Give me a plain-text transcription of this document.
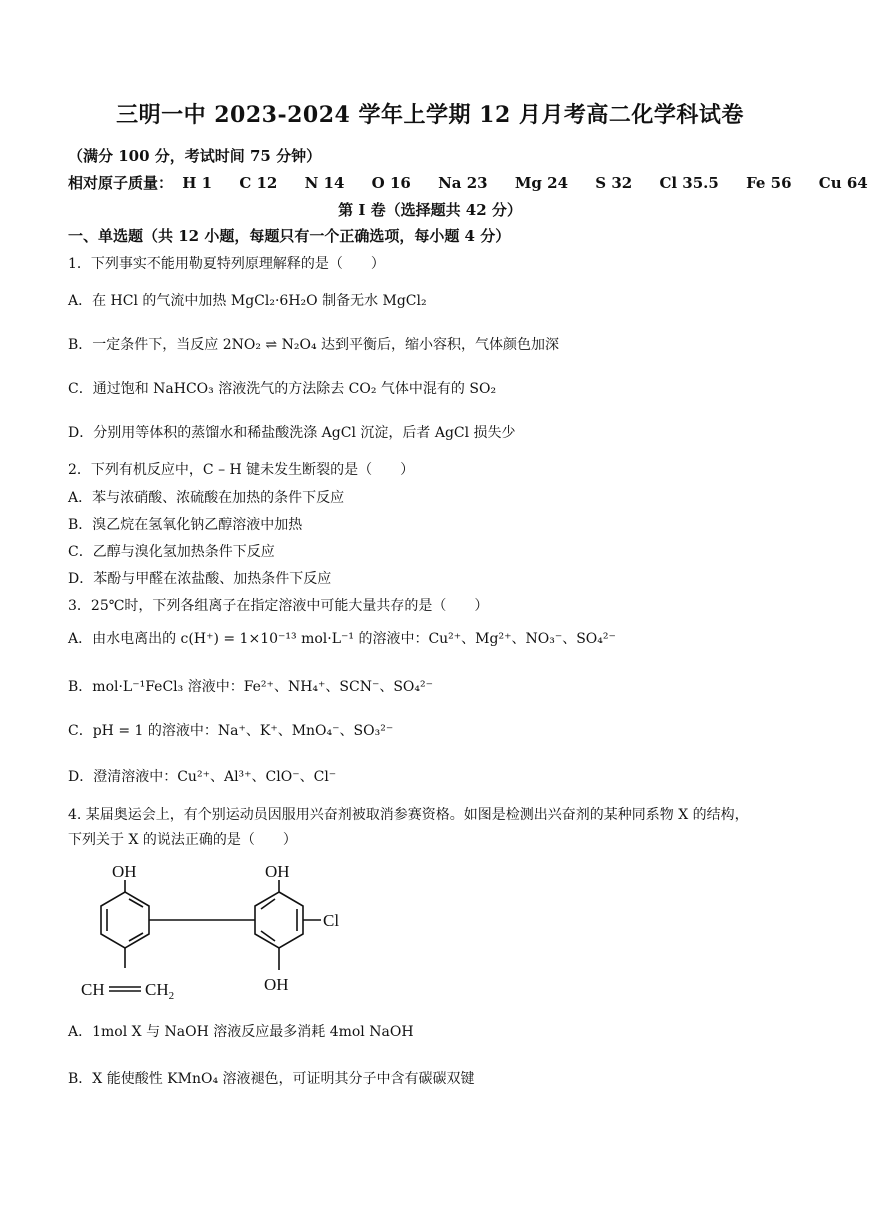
三明一中 2023-2024 学年上学期 12 月月考高二化学科试卷
（满分 100 分，考试时间 75 分钟）
相对原子质量： H 1 C 12 N 14 O 16 Na 23 Mg 24 S 32 Cl 35.5 Fe 56 Cu 64
第 I 卷（选择题共 42 分）
一、单选题（共 12 小题，每题只有一个正确选项，每小题 4 分）
1．下列事实不能用勒夏特列原理解释的是（　　）
A．在 HCl 的气流中加热 MgCl₂·6H₂O 制备无水 MgCl₂
B．一定条件下，当反应 2NO₂ ⇌ N₂O₄ 达到平衡后，缩小容积，气体颜色加深
C．通过饱和 NaHCO₃ 溶液洗气的方法除去 CO₂ 气体中混有的 SO₂
D．分别用等体积的蒸馏水和稀盐酸洗涤 AgCl 沉淀，后者 AgCl 损失少
2．下列有机反应中，C – H 键未发生断裂的是（　　）
A．苯与浓硝酸、浓硫酸在加热的条件下反应
B．溴乙烷在氢氧化钠乙醇溶液中加热
C．乙醇与溴化氢加热条件下反应
D．苯酚与甲醛在浓盐酸、加热条件下反应
3．25℃时，下列各组离子在指定溶液中可能大量共存的是（　　）
A．由水电离出的 c(H⁺) = 1×10⁻¹³ mol·L⁻¹ 的溶液中：Cu²⁺、Mg²⁺、NO₃⁻、SO₄²⁻
B．mol·L⁻¹FeCl₃ 溶液中：Fe²⁺、NH₄⁺、SCN⁻、SO₄²⁻
C．pH = 1 的溶液中：Na⁺、K⁺、MnO₄⁻、SO₃²⁻
D．澄清溶液中：Cu²⁺、Al³⁺、ClO⁻、Cl⁻
4. 某届奥运会上，有个别运动员因服用兴奋剂被取消参赛资格。如图是检测出兴奋剂的某种同系物 X 的结构，
下列关于 X 的说法正确的是（　　）
OH	OH
Cl
OH
CH $CH_2$
A．1mol X 与 NaOH 溶液反应最多消耗 4mol NaOH
B．X 能使酸性 KMnO₄ 溶液褪色，可证明其分子中含有碳碳双键
